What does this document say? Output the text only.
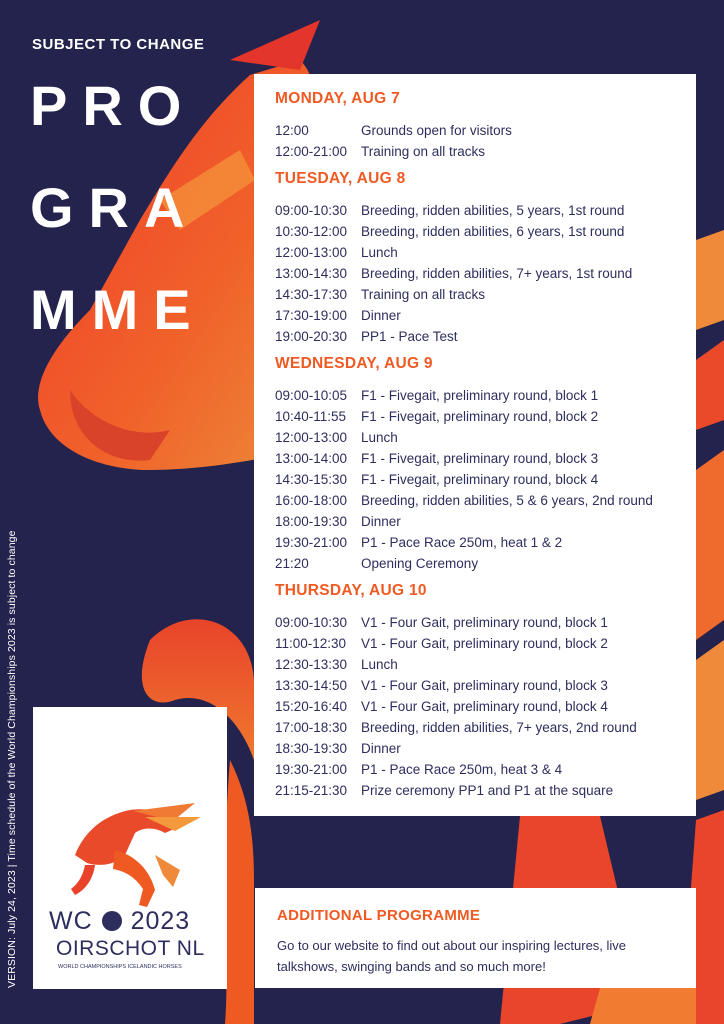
SUBJECT TO CHANGE
PRO
GRA
MME
VERSION: July 24, 2023 | Time schedule of the World Championships 2023 is subject to change
MONDAY, AUG 7
12:00	Grounds open for visitors
12:00-21:00	Training on all tracks
TUESDAY, AUG 8
09:00-10:30	Breeding, ridden abilities, 5 years, 1st round
10:30-12:00	Breeding, ridden abilities, 6 years, 1st round
12:00-13:00	Lunch
13:00-14:30	Breeding, ridden abilities, 7+ years, 1st round
14:30-17:30	Training on all tracks
17:30-19:00	Dinner
19:00-20:30	PP1 - Pace Test
WEDNESDAY, AUG 9
09:00-10:05	F1 - Fivegait, preliminary round, block 1
10:40-11:55	F1 - Fivegait, preliminary round, block 2
12:00-13:00	Lunch
13:00-14:00	F1 - Fivegait, preliminary round, block 3
14:30-15:30	F1 - Fivegait, preliminary round, block 4
16:00-18:00	Breeding, ridden abilities, 5 & 6 years, 2nd round
18:00-19:30	Dinner
19:30-21:00	P1 - Pace Race 250m, heat 1 & 2
21:20	Opening Ceremony
THURSDAY, AUG 10
09:00-10:30	V1 - Four Gait, preliminary round, block 1
11:00-12:30	V1 - Four Gait, preliminary round, block 2
12:30-13:30	Lunch
13:30-14:50	V1 - Four Gait, preliminary round, block 3
15:20-16:40	V1 - Four Gait, preliminary round, block 4
17:00-18:30	Breeding, ridden abilities, 7+ years, 2nd round
18:30-19:30	Dinner
19:30-21:00	P1 - Pace Race 250m, heat 3 & 4
21:15-21:30	Prize ceremony PP1 and P1 at the square
WC 2023
OIRSCHOT NL
WORLD CHAMPIONSHIPS ICELANDIC HORSES
ADDITIONAL PROGRAMME
Go to our website to find out about our inspiring lectures, live talkshows, swinging bands and so much more!
